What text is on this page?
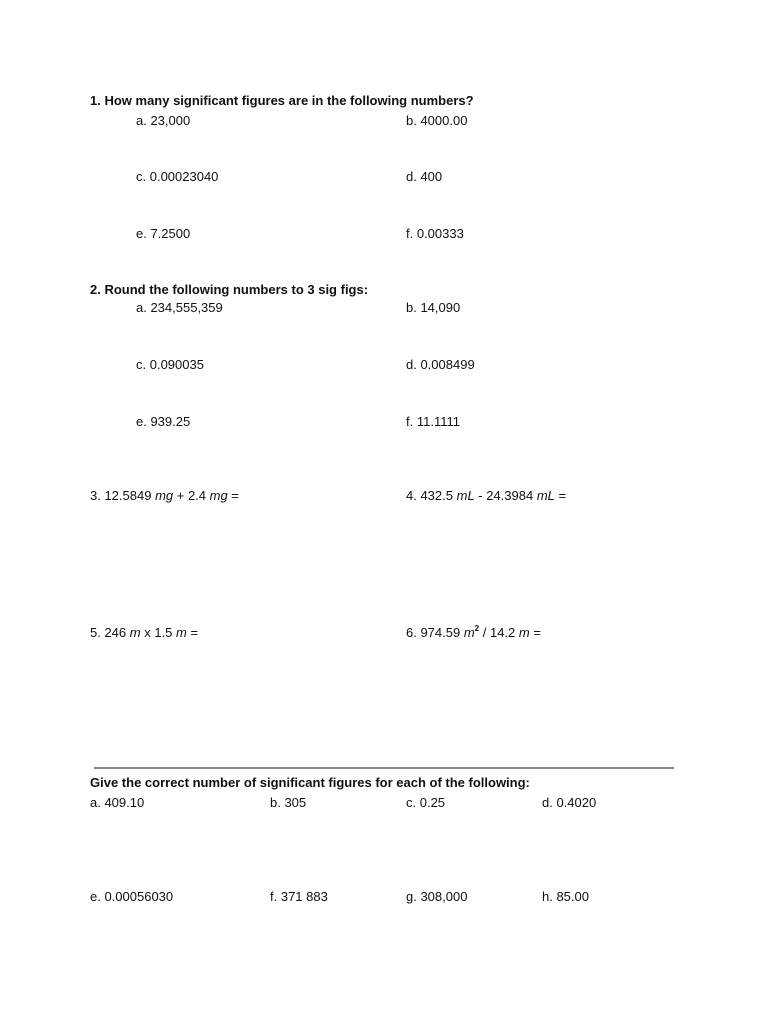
1. How many significant figures are in the following numbers?
a. 23,000	b. 4000.00
c. 0.00023040	d. 400
e. 7.2500	f. 0.00333
2. Round the following numbers to 3 sig figs:
a. 234,555,359	b. 14,090
c. 0.090035	d. 0.008499
e. 939.25	f. 11.1111
3. 12.5849 mg + 2.4 mg =	4. 432.5 mL - 24.3984 mL =
5. 246 m x 1.5 m =	6. 974.59 $m^2 / 14.2$ m =
Give the correct number of significant figures for each of the following:
a. 409.10	b. 305	c. 0.25	d. 0.4020
e. 0.00056030	f. 371 883	g. 308,000	h. 85.00
